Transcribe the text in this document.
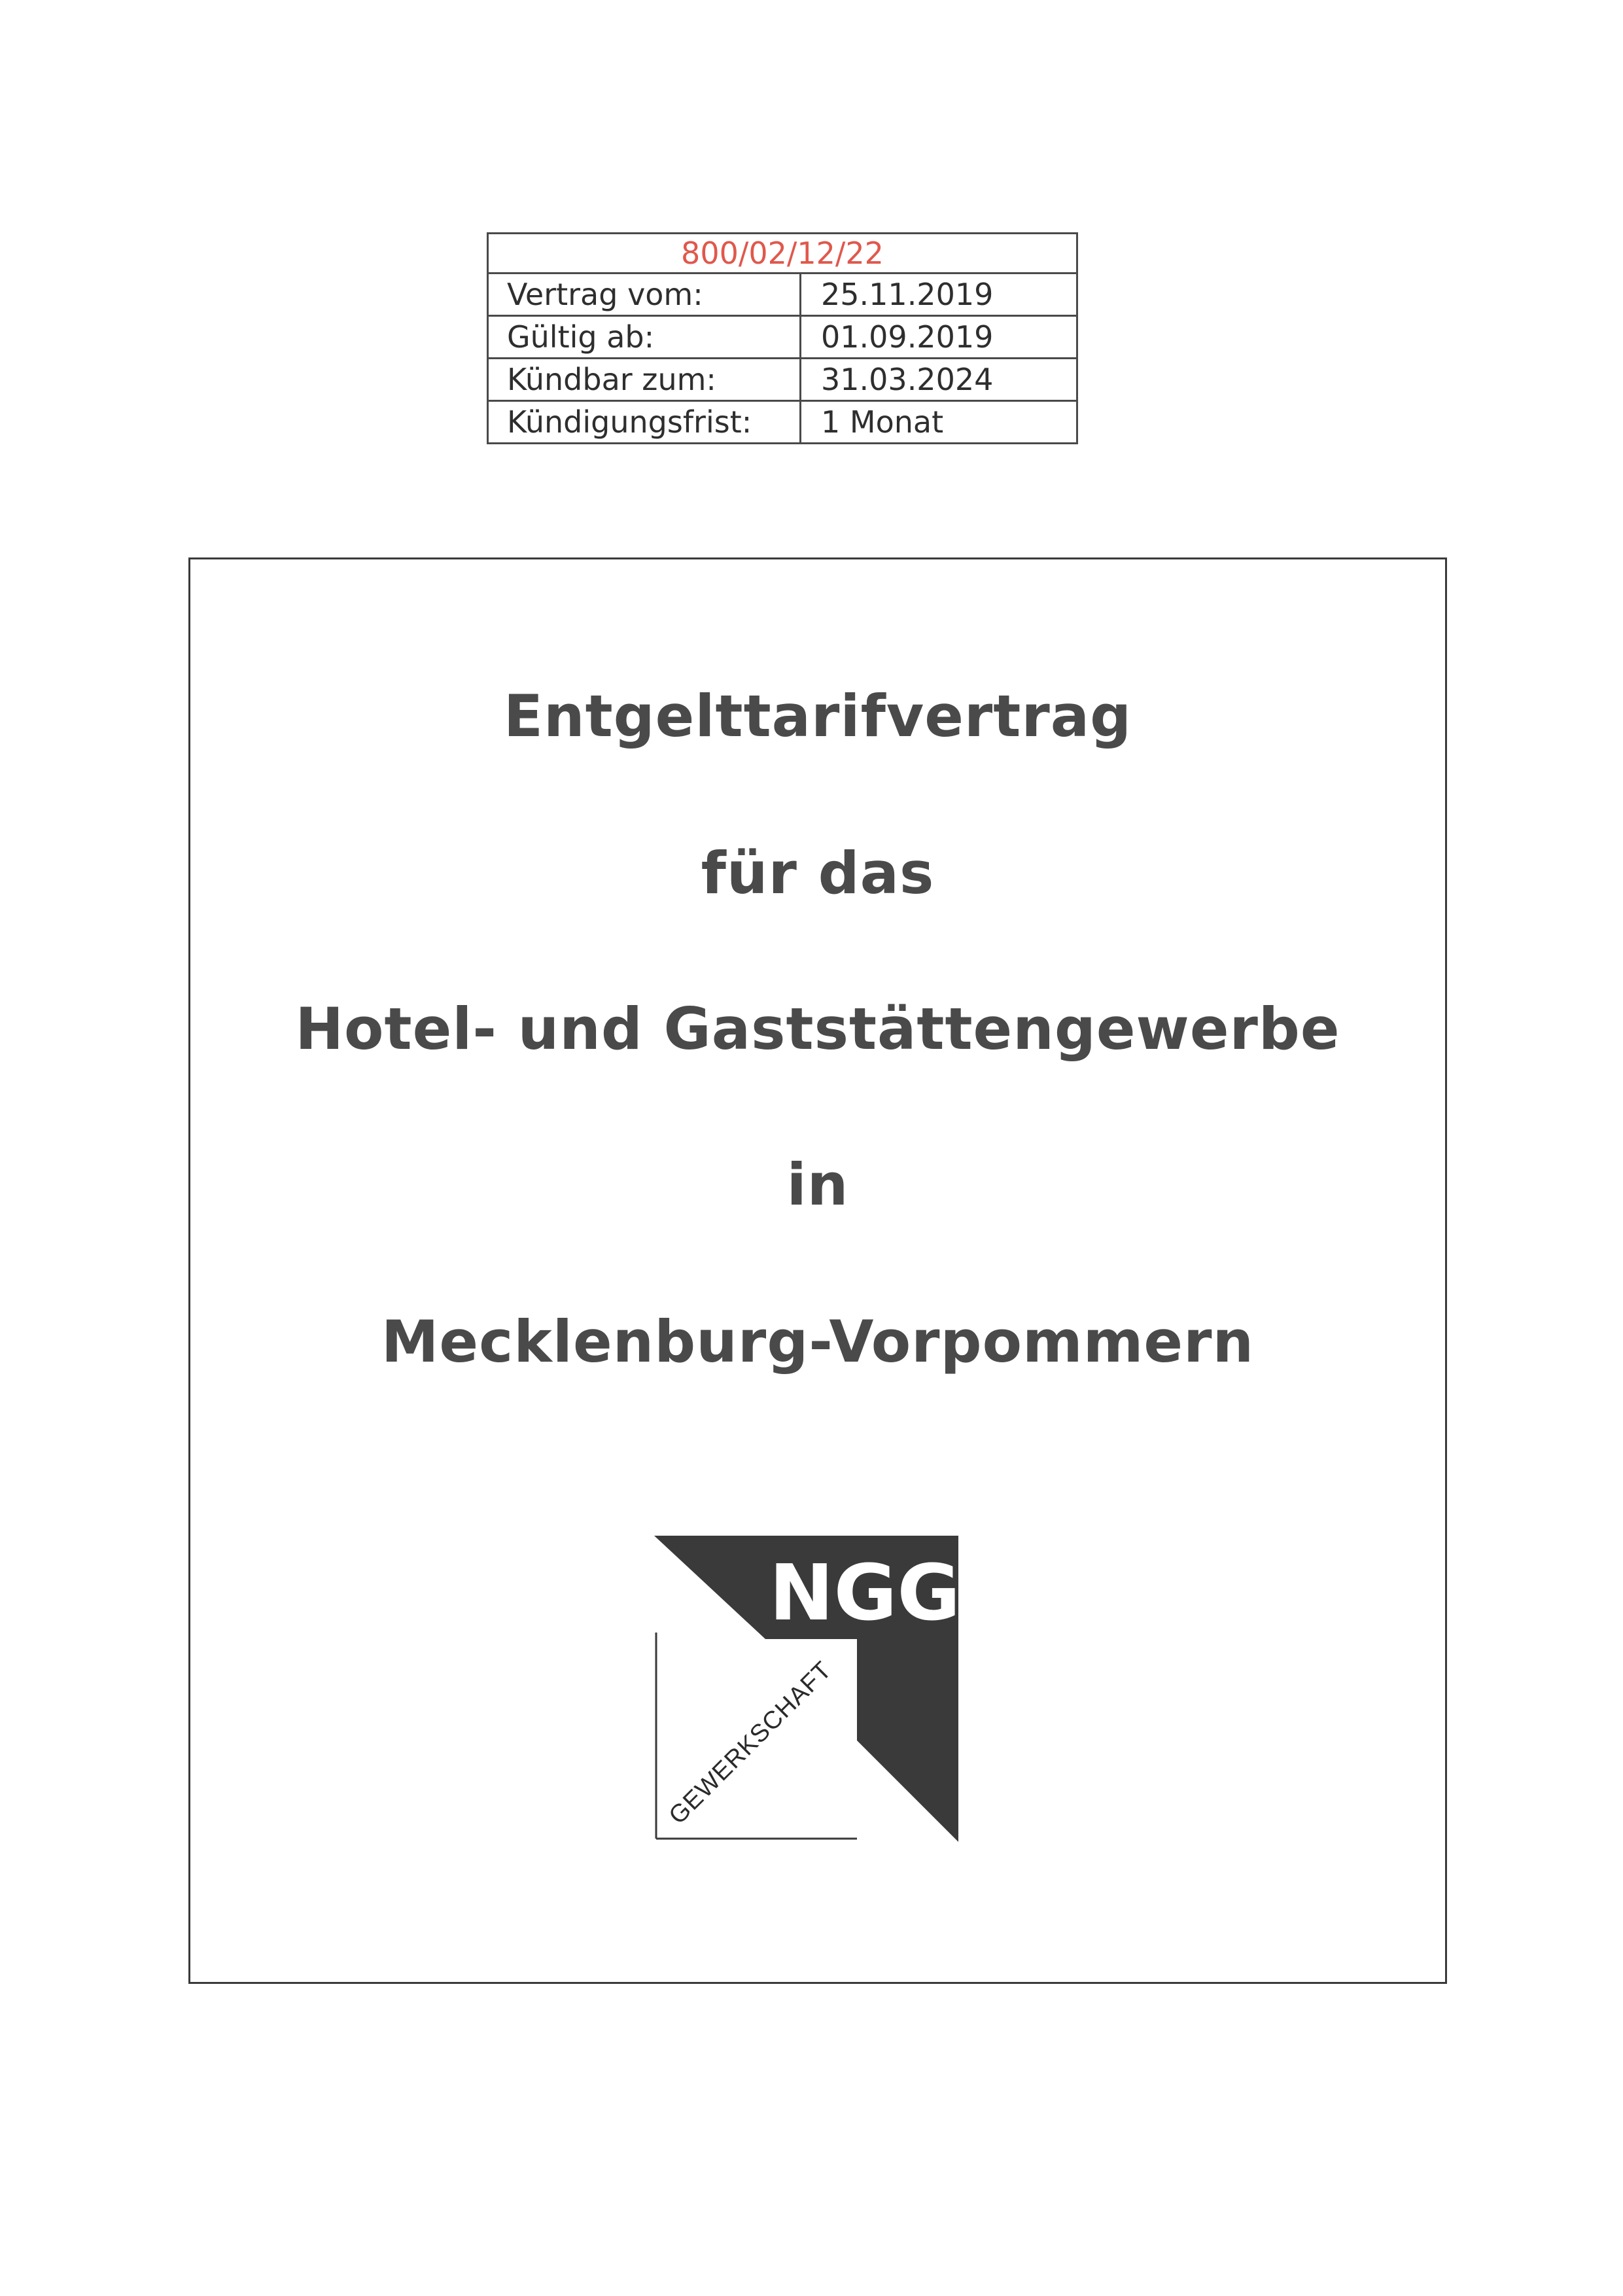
800/02/12/22
Vertrag vom:	25.11.2019
Gültig ab:	01.09.2019
Kündbar zum:	31.03.2024
Kündigungsfrist:	1 Monat
Entgelttarifvertrag
für das
Hotel- und Gaststättengewerbe
in
Mecklenburg-Vorpommern
NGG
GEWERKSCHAFT
